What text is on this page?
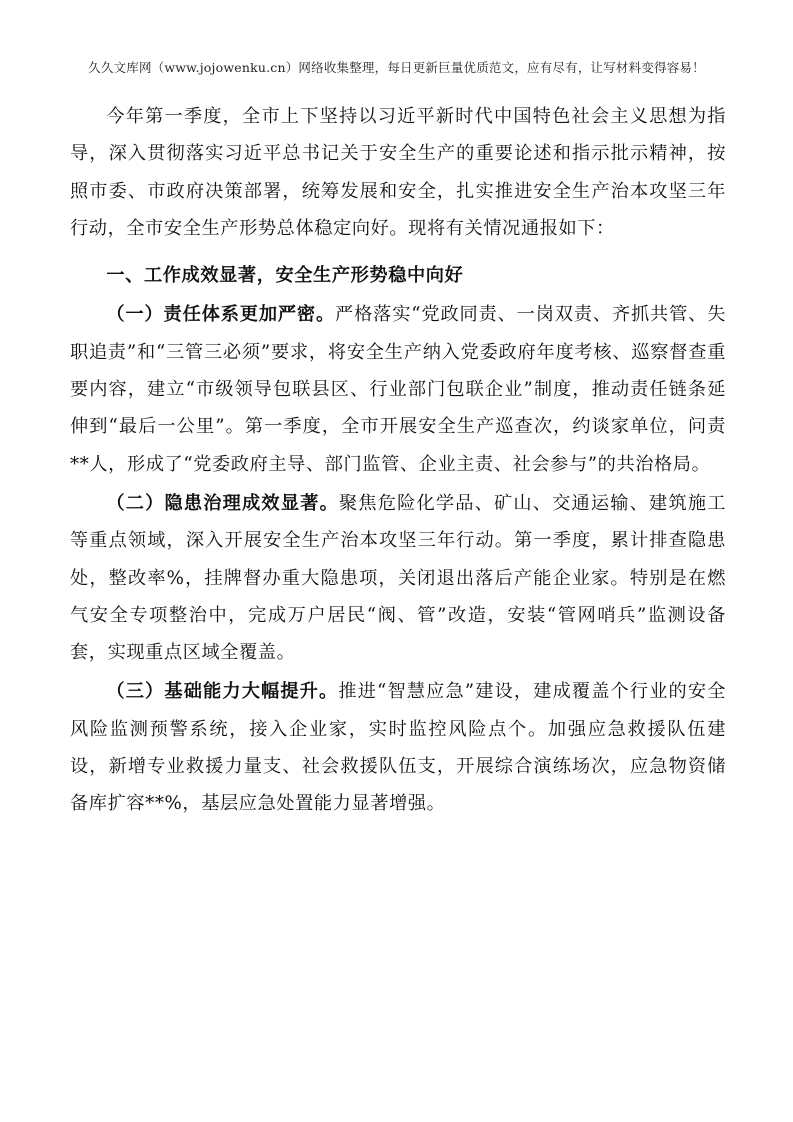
久久文库网（www.jojowenku.cn）网络收集整理，每日更新巨量优质范文，应有尽有，让写材料变得容易！

今年第一季度，全市上下坚持以习近平新时代中国特色社会主义思想为指导，深入贯彻落实习近平总书记关于安全生产的重要论述和指示批示精神，按照市委、市政府决策部署，统筹发展和安全，扎实推进安全生产治本攻坚三年行动，全市安全生产形势总体稳定向好。现将有关情况通报如下：

一、工作成效显著，安全生产形势稳中向好

（一）责任体系更加严密。严格落实“党政同责、一岗双责、齐抓共管、失职追责”和“三管三必须”要求，将安全生产纳入党委政府年度考核、巡察督查重要内容，建立“市级领导包联县区、行业部门包联企业”制度，推动责任链条延伸到“最后一公里”。第一季度，全市开展安全生产巡查次，约谈家单位，问责**人，形成了“党委政府主导、部门监管、企业主责、社会参与”的共治格局。

（二）隐患治理成效显著。聚焦危险化学品、矿山、交通运输、建筑施工等重点领域，深入开展安全生产治本攻坚三年行动。第一季度，累计排查隐患处，整改率%，挂牌督办重大隐患项，关闭退出落后产能企业家。特别是在燃气安全专项整治中，完成万户居民“阀、管”改造，安装“管网哨兵”监测设备套，实现重点区域全覆盖。

（三）基础能力大幅提升。推进“智慧应急”建设，建成覆盖个行业的安全风险监测预警系统，接入企业家，实时监控风险点个。加强应急救援队伍建设，新增专业救援力量支、社会救援队伍支，开展综合演练场次，应急物资储备库扩容**%，基层应急处置能力显著增强。
